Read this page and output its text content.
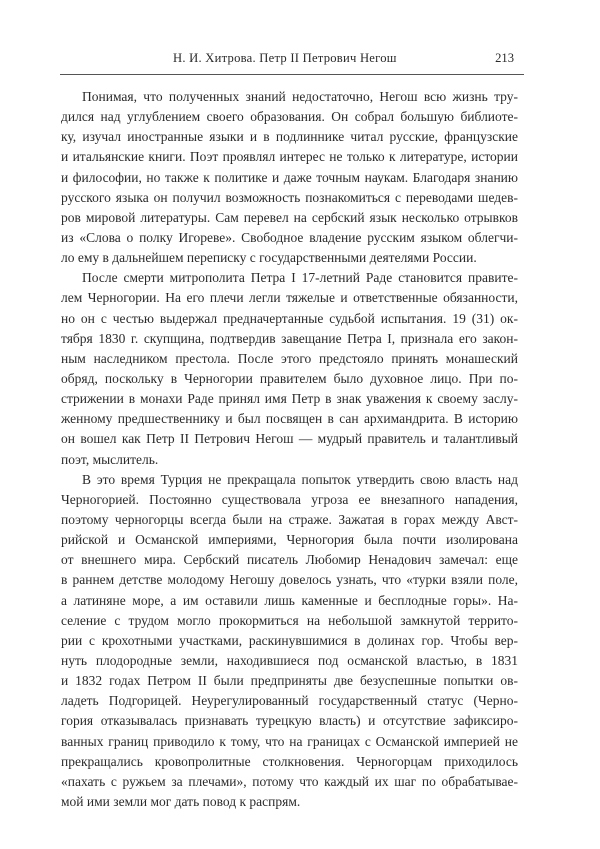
Н. И. Хитрова. Петр II Петрович Негош	213
Понимая, что полученных знаний недостаточно, Негош всю жизнь тру-
дился над углублением своего образования. Он собрал большую библиоте-
ку, изучал иностранные языки и в подлиннике читал русские, французские
и итальянские книги. Поэт проявлял интерес не только к литературе, истории
и философии, но также к политике и даже точным наукам. Благодаря знанию
русского языка он получил возможность познакомиться с переводами шедев-
ров мировой литературы. Сам перевел на сербский язык несколько отрывков
из «Слова о полку Игореве». Свободное владение русским языком облегчи-
ло ему в дальнейшем переписку с государственными деятелями России.
После смерти митрополита Петра I 17-летний Раде становится правите-
лем Черногории. На его плечи легли тяжелые и ответственные обязанности,
но он с честью выдержал предначертанные судьбой испытания. 19 (31) ок-
тября 1830 г. скупщина, подтвердив завещание Петра I, признала его закон-
ным наследником престола. После этого предстояло принять монашеский
обряд, поскольку в Черногории правителем было духовное лицо. При по-
стрижении в монахи Раде принял имя Петр в знак уважения к своему заслу-
женному предшественнику и был посвящен в сан архимандрита. В историю
он вошел как Петр II Петрович Негош — мудрый правитель и талантливый
поэт, мыслитель.
В это время Турция не прекращала попыток утвердить свою власть над
Черногорией. Постоянно существовала угроза ее внезапного нападения,
поэтому черногорцы всегда были на страже. Зажатая в горах между Авст-
рийской и Османской империями, Черногория была почти изолирована
от внешнего мира. Сербский писатель Любомир Ненадович замечал: еще
в раннем детстве молодому Негошу довелось узнать, что «турки взяли поле,
а латиняне море, а им оставили лишь каменные и бесплодные горы». На-
селение с трудом могло прокормиться на небольшой замкнутой террито-
рии с крохотными участками, раскинувшимися в долинах гор. Чтобы вер-
нуть плодородные земли, находившиеся под османской властью, в 1831
и 1832 годах Петром II были предприняты две безуспешные попытки ов-
ладеть Подгорицей. Неурегулированный государственный статус (Черно-
гория отказывалась признавать турецкую власть) и отсутствие зафиксиро-
ванных границ приводило к тому, что на границах с Османской империей не
прекращались кровопролитные столкновения. Черногорцам приходилось
«пахать с ружьем за плечами», потому что каждый их шаг по обрабатывае-
мой ими земли мог дать повод к распрям.
